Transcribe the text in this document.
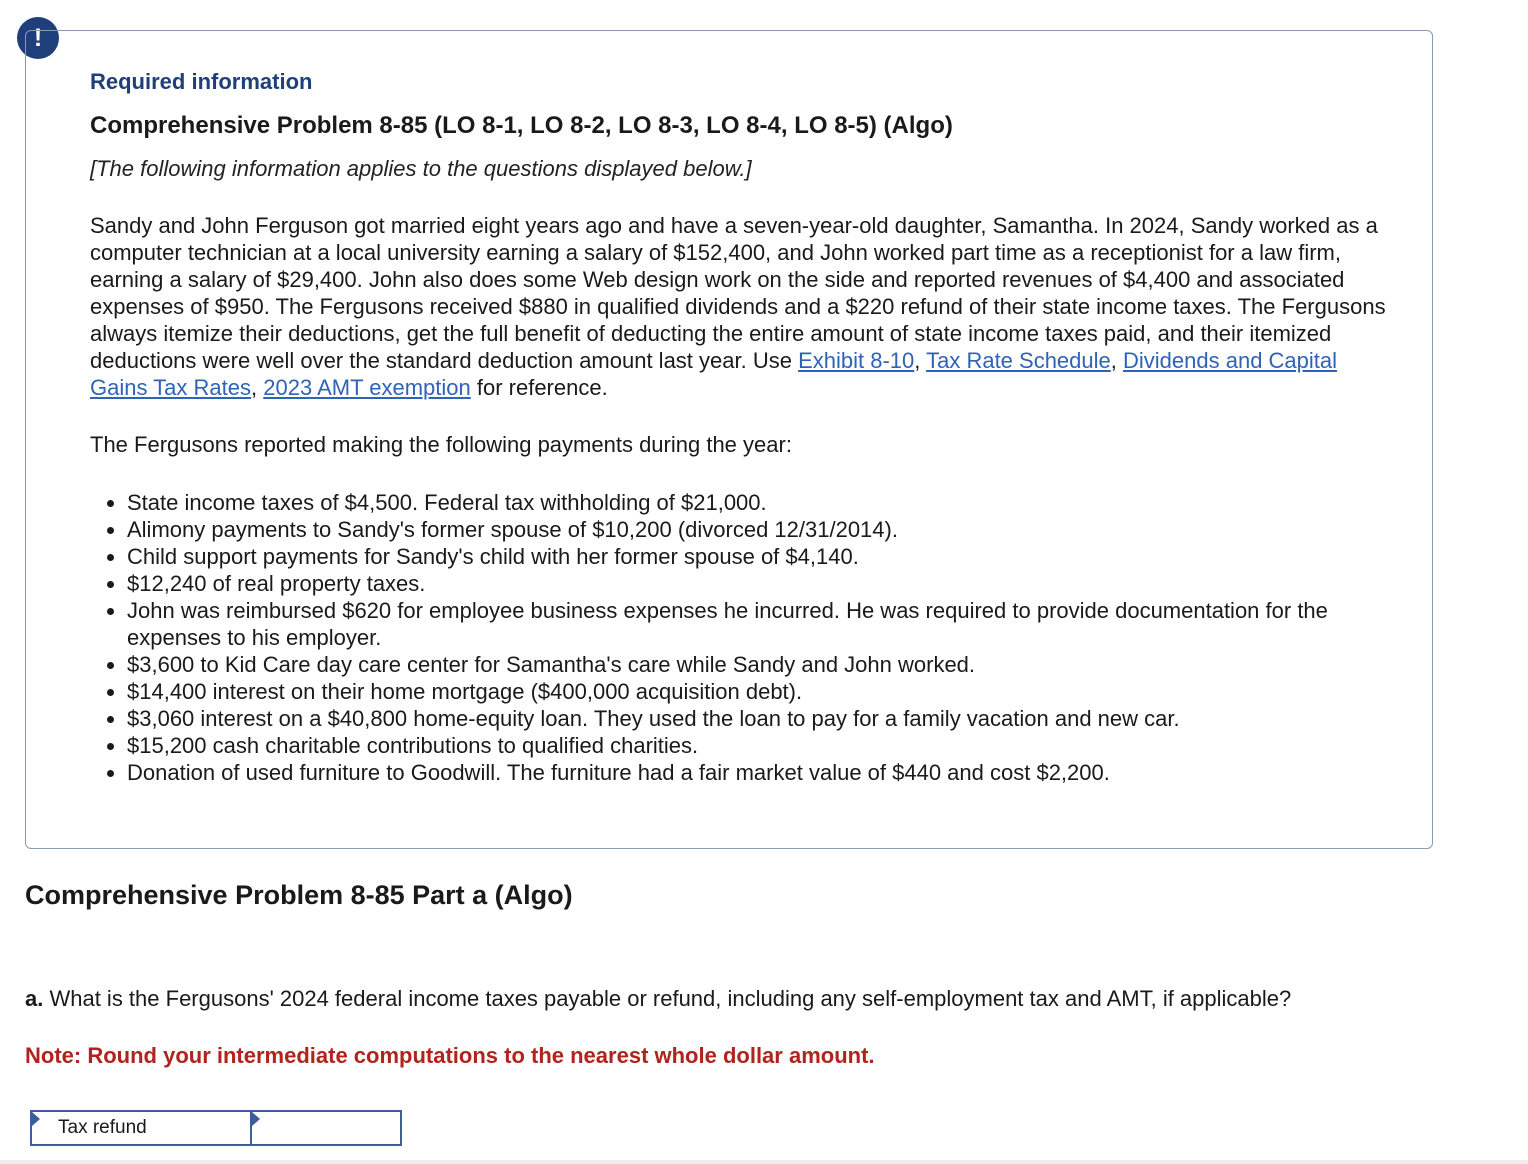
!
Required information
Comprehensive Problem 8-85 (LO 8-1, LO 8-2, LO 8-3, LO 8-4, LO 8-5) (Algo)
[The following information applies to the questions displayed below.]

Sandy and John Ferguson got married eight years ago and have a seven-year-old daughter, Samantha. In 2024, Sandy worked as a computer technician at a local university earning a salary of $152,400, and John worked part time as a receptionist for a law firm, earning a salary of $29,400. John also does some Web design work on the side and reported revenues of $4,400 and associated expenses of $950. The Fergusons received $880 in qualified dividends and a $220 refund of their state income taxes. The Fergusons always itemize their deductions, get the full benefit of deducting the entire amount of state income taxes paid, and their itemized deductions were well over the standard deduction amount last year. Use Exhibit 8-10, Tax Rate Schedule, Dividends and Capital Gains Tax Rates, 2023 AMT exemption for reference.

The Fergusons reported making the following payments during the year:
• State income taxes of $4,500. Federal tax withholding of $21,000.
• Alimony payments to Sandy's former spouse of $10,200 (divorced 12/31/2014).
• Child support payments for Sandy's child with her former spouse of $4,140.
• $12,240 of real property taxes.
• John was reimbursed $620 for employee business expenses he incurred. He was required to provide documentation for the expenses to his employer.
• $3,600 to Kid Care day care center for Samantha's care while Sandy and John worked.
• $14,400 interest on their home mortgage ($400,000 acquisition debt).
• $3,060 interest on a $40,800 home-equity loan. They used the loan to pay for a family vacation and new car.
• $15,200 cash charitable contributions to qualified charities.
• Donation of used furniture to Goodwill. The furniture had a fair market value of $440 and cost $2,200.
Comprehensive Problem 8-85 Part a (Algo)
a. What is the Fergusons' 2024 federal income taxes payable or refund, including any self-employment tax and AMT, if applicable?
Note: Round your intermediate computations to the nearest whole dollar amount.
Tax refund
